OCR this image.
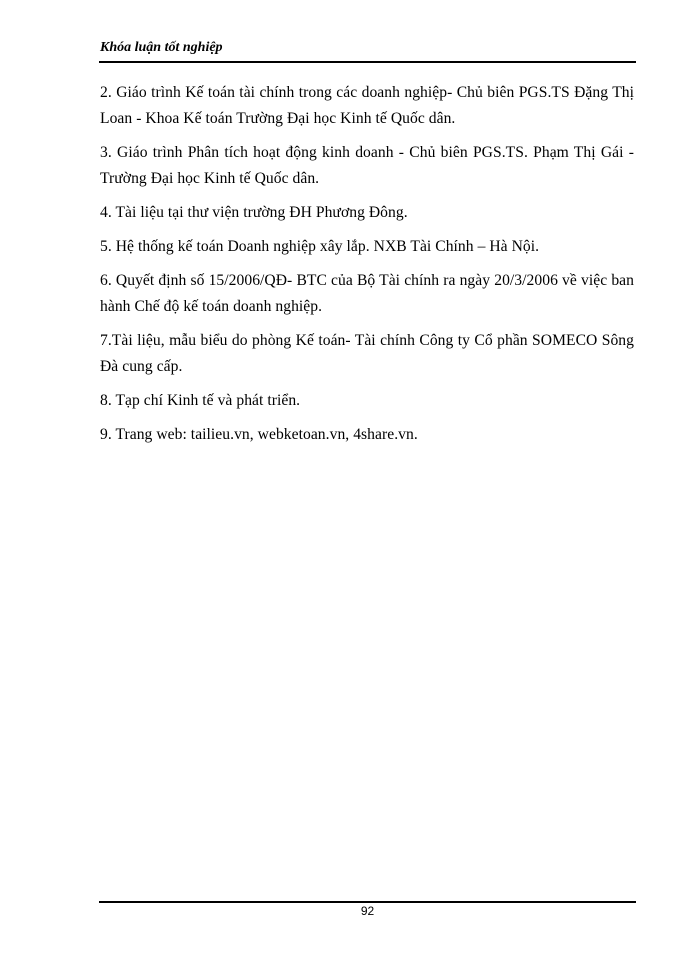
Khóa luận tốt nghiệp
2. Giáo trình Kế toán tài chính trong các doanh nghiệp- Chủ biên PGS.TS Đặng Thị Loan - Khoa Kế toán Trường Đại học Kinh tế Quốc dân.
3. Giáo trình Phân tích hoạt động kinh doanh - Chủ biên PGS.TS. Phạm Thị Gái - Trường Đại học Kinh tế Quốc dân.
4. Tài liệu tại thư viện trường ĐH Phương Đông.
5. Hệ thống kế toán Doanh nghiệp xây lắp. NXB Tài Chính – Hà Nội.
6. Quyết định số 15/2006/QĐ- BTC của Bộ Tài chính ra ngày 20/3/2006 về việc ban hành Chế độ kế toán doanh nghiệp.
7.Tài liệu, mẫu biểu do phòng Kế toán- Tài chính Công ty Cổ phần SOMECO Sông Đà cung cấp.
8. Tạp chí Kinh tế và phát triển.
9. Trang web: tailieu.vn, webketoan.vn, 4share.vn.
92
